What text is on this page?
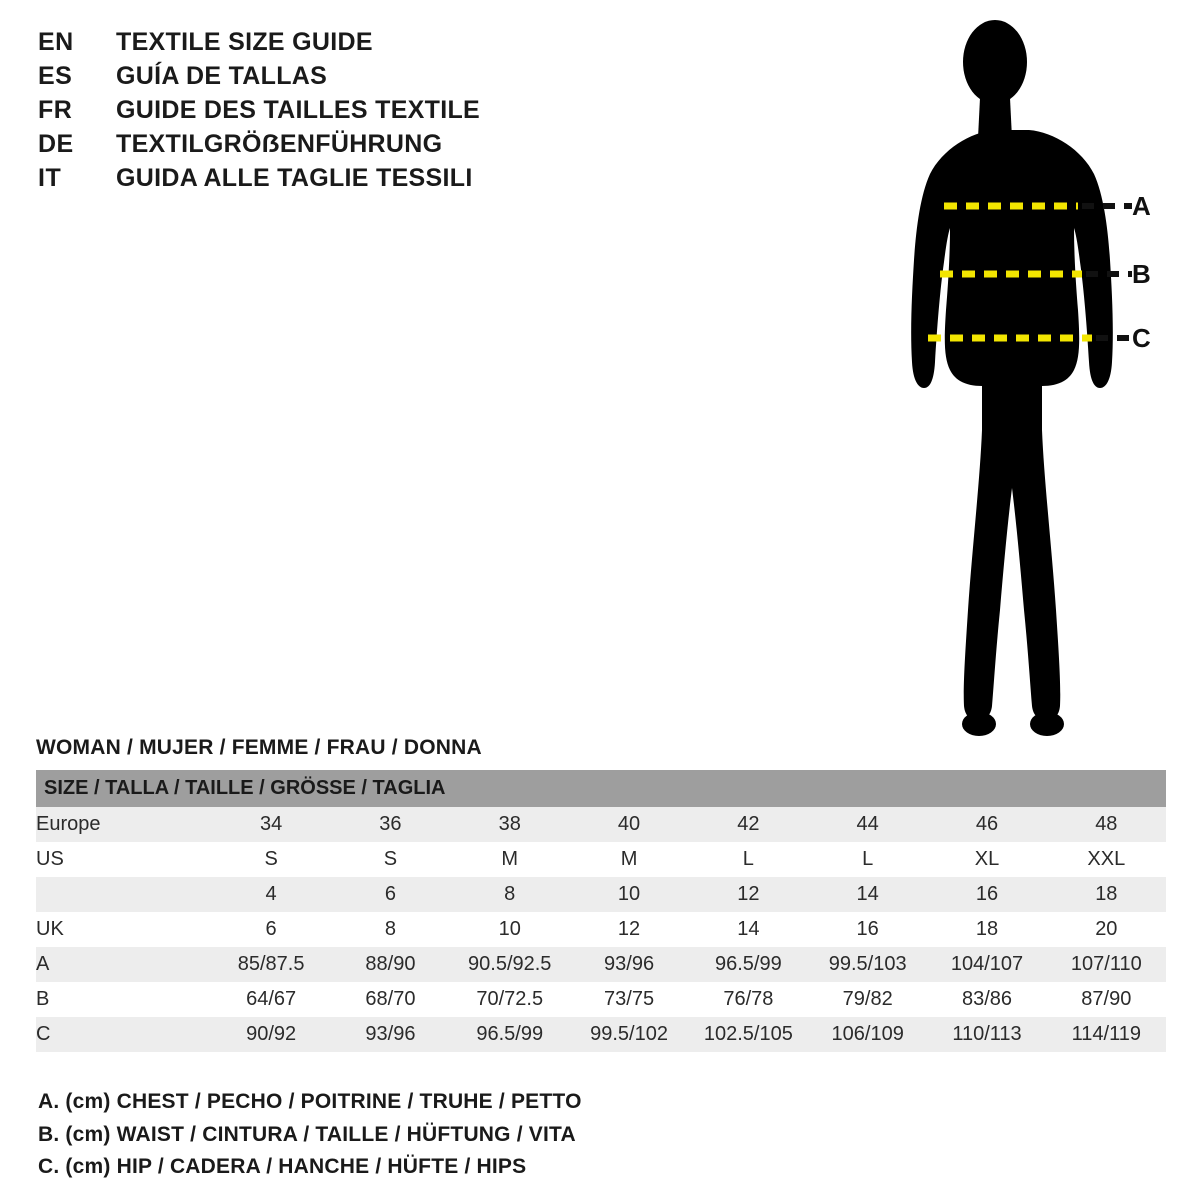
EN	TEXTILE SIZE GUIDE
ES	GUÍA DE TALLAS
FR	GUIDE DES TAILLES TEXTILE
DE	TEXTILGRÖẞENFÜHRUNG
IT	GUIDA ALLE TAGLIE TESSILI
A
B
C
WOMAN / MUJER / FEMME / FRAU / DONNA
SIZE / TALLA / TAILLE / GRÖSSE / TAGLIA								
Europe	34	36	38	40	42	44	46	48
US	S	S	M	M	L	L	XL	XXL
	4	6	8	10	12	14	16	18
UK	6	8	10	12	14	16	18	20
A	85/87.5	88/90	90.5/92.5	93/96	96.5/99	99.5/103	104/107	107/110
B	64/67	68/70	70/72.5	73/75	76/78	79/82	83/86	87/90
C	90/92	93/96	96.5/99	99.5/102	102.5/105	106/109	110/113	114/119
A. (cm) CHEST / PECHO / POITRINE / TRUHE / PETTO
B. (cm) WAIST / CINTURA / TAILLE / HÜFTUNG / VITA
C. (cm) HIP / CADERA / HANCHE / HÜFTE / HIPS
